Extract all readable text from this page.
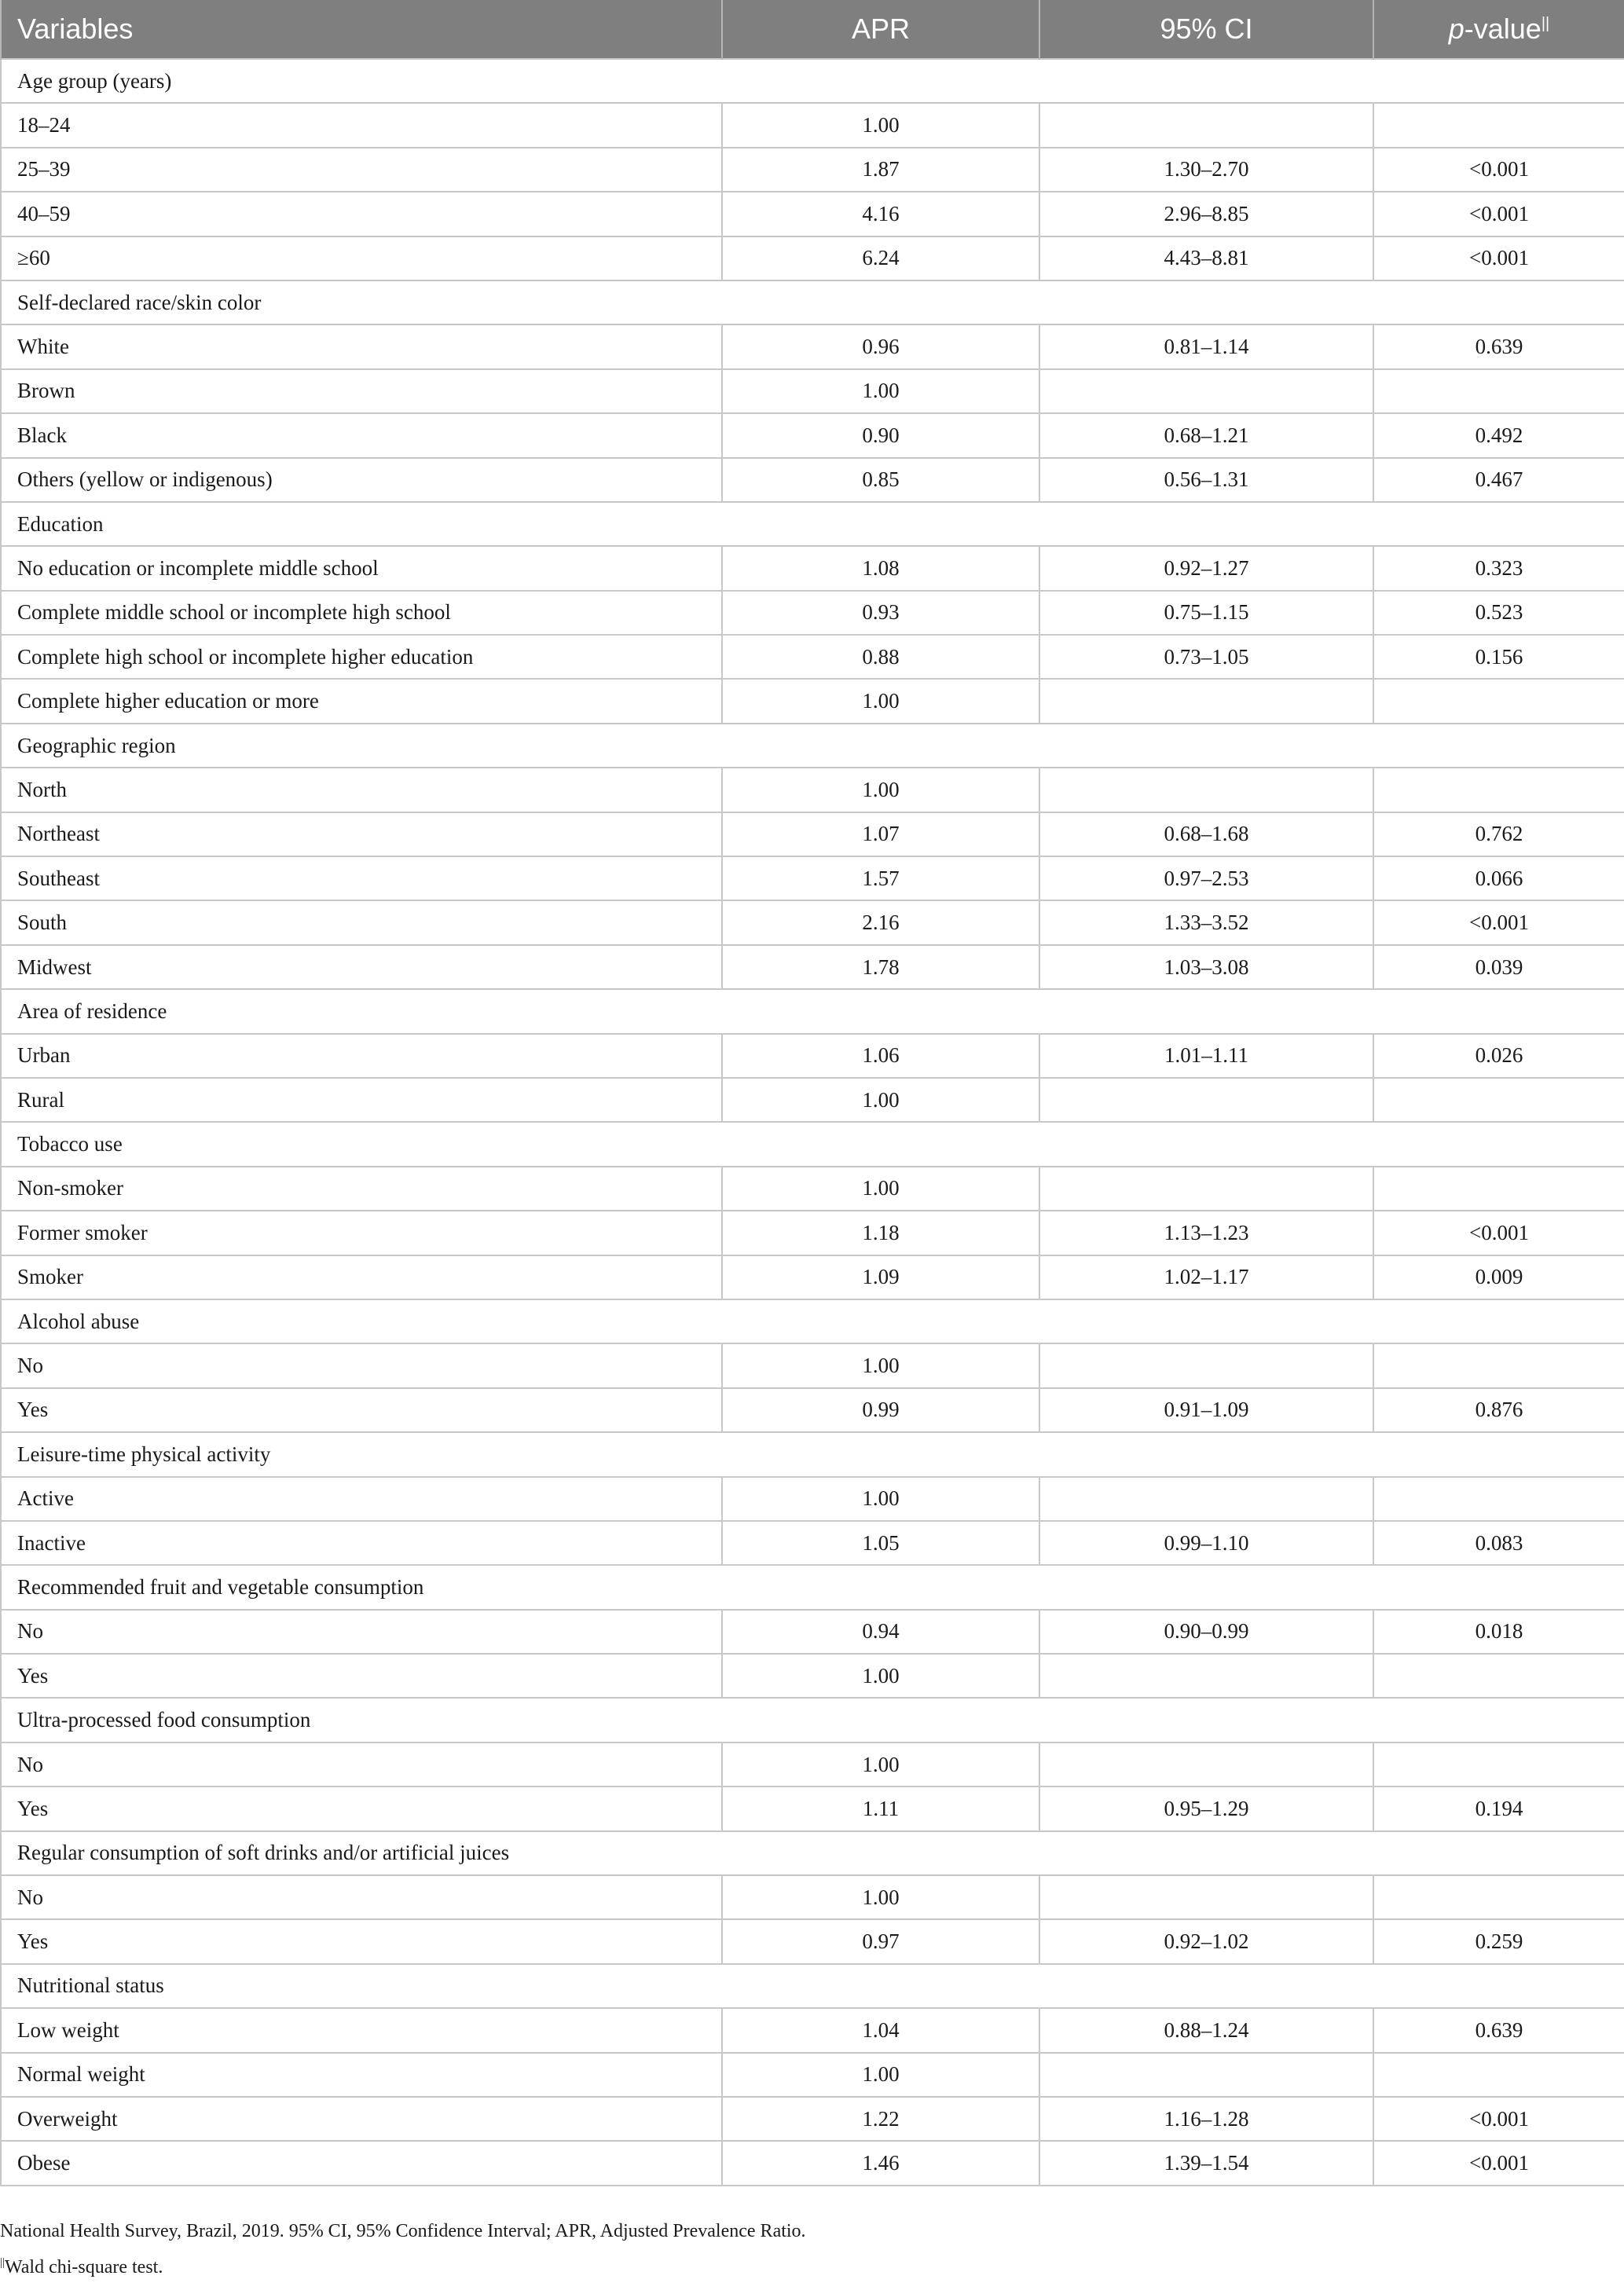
Variables	APR	95% CI	p-value||
Age group (years)			
18–24	1.00		
25–39	1.87	1.30–2.70	<0.001
40–59	4.16	2.96–8.85	<0.001
≥60	6.24	4.43–8.81	<0.001
Self-declared race/skin color			
White	0.96	0.81–1.14	0.639
Brown	1.00		
Black	0.90	0.68–1.21	0.492
Others (yellow or indigenous)	0.85	0.56–1.31	0.467
Education			
No education or incomplete middle school	1.08	0.92–1.27	0.323
Complete middle school or incomplete high school	0.93	0.75–1.15	0.523
Complete high school or incomplete higher education	0.88	0.73–1.05	0.156
Complete higher education or more	1.00		
Geographic region			
North	1.00		
Northeast	1.07	0.68–1.68	0.762
Southeast	1.57	0.97–2.53	0.066
South	2.16	1.33–3.52	<0.001
Midwest	1.78	1.03–3.08	0.039
Area of residence			
Urban	1.06	1.01–1.11	0.026
Rural	1.00		
Tobacco use			
Non-smoker	1.00		
Former smoker	1.18	1.13–1.23	<0.001
Smoker	1.09	1.02–1.17	0.009
Alcohol abuse			
No	1.00		
Yes	0.99	0.91–1.09	0.876
Leisure-time physical activity			
Active	1.00		
Inactive	1.05	0.99–1.10	0.083
Recommended fruit and vegetable consumption			
No	0.94	0.90–0.99	0.018
Yes	1.00		
Ultra-processed food consumption			
No	1.00		
Yes	1.11	0.95–1.29	0.194
Regular consumption of soft drinks and/or artificial juices			
No	1.00		
Yes	0.97	0.92–1.02	0.259
Nutritional status			
Low weight	1.04	0.88–1.24	0.639
Normal weight	1.00		
Overweight	1.22	1.16–1.28	<0.001
Obese	1.46	1.39–1.54	<0.001

National Health Survey, Brazil, 2019. 95% CI, 95% Confidence Interval; APR, Adjusted Prevalence Ratio.

||Wald chi-square test.
